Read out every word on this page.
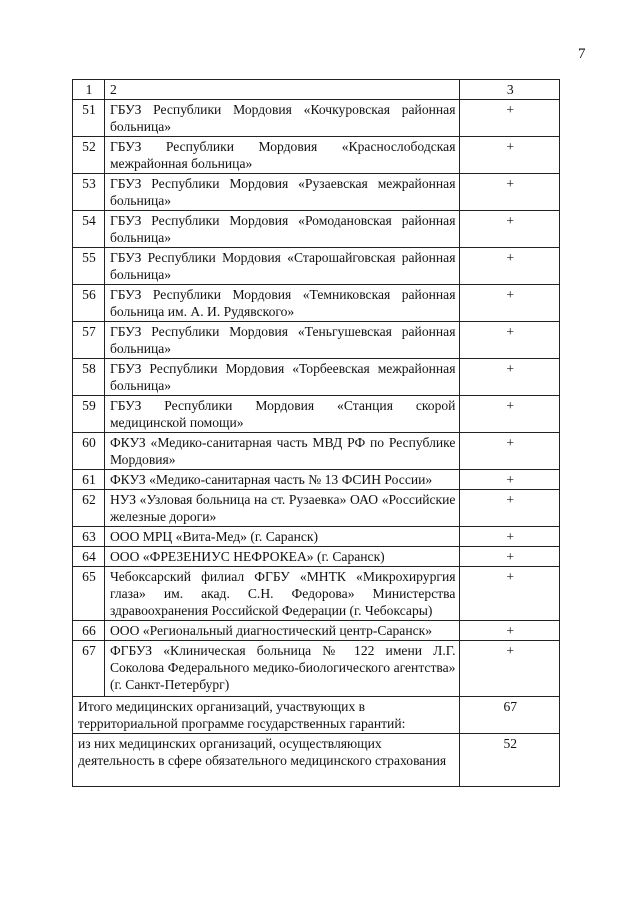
7
1	2	3
51	ГБУЗ Республики Мордовия «Кочкуровская районная больница»	+
52	ГБУЗ Республики Мордовия «Краснослободская межрайонная больница»	+
53	ГБУЗ Республики Мордовия «Рузаевская межрайонная больница»	+
54	ГБУЗ Республики Мордовия «Ромодановская районная больница»	+
55	ГБУЗ Республики Мордовия «Старошайговская районная больница»	+
56	ГБУЗ Республики Мордовия «Темниковская районная больница им. А. И. Рудявского»	+
57	ГБУЗ Республики Мордовия «Теньгушевская районная больница»	+
58	ГБУЗ Республики Мордовия «Торбеевская межрайонная больница»	+
59	ГБУЗ Республики Мордовия «Станция скорой медицинской помощи»	+
60	ФКУЗ «Медико-санитарная часть МВД РФ по Республике Мордовия»	+
61	ФКУЗ «Медико-санитарная часть № 13 ФСИН России»	+
62	НУЗ «Узловая больница на ст. Рузаевка» ОАО «Российские железные дороги»	+
63	ООО МРЦ «Вита-Мед» (г. Саранск)	+
64	ООО «ФРЕЗЕНИУС НЕФРОКЕА» (г. Саранск)	+
65	Чебоксарский филиал ФГБУ «МНТК «Микрохирургия глаза» им. акад. С.Н. Федорова» Министерства здравоохранения Российской Федерации (г. Чебоксары)	+
66	ООО «Региональный диагностический центр-Саранск»	+
67	ФГБУЗ «Клиническая больница № 122 имени Л.Г. Соколова Федерального медико-биологического агентства» (г. Санкт-Петербург)	+
Итого медицинских организаций, участвующих в территориальной программе государственных гарантий:		67
из них медицинских организаций, осуществляющих деятельность в сфере обязательного медицинского страхования		52
